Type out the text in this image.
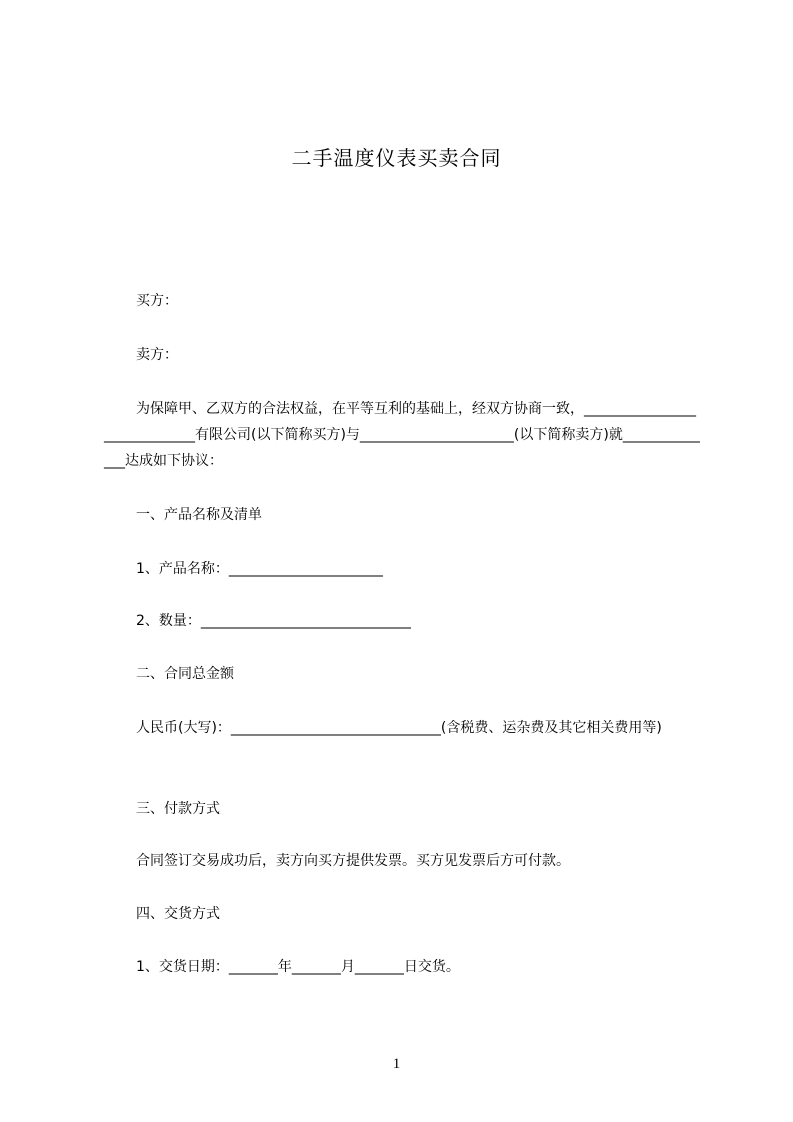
二手温度仪表买卖合同
买方：
卖方：
为保障甲、乙双方的合法权益，在平等互利的基础上，经双方协商一致，_____________________________有限公司(以下简称买方)与______________________(以下简称卖方)就______________达成如下协议：
一、产品名称及清单
1、产品名称：______________________
2、数量：______________________________
二、合同总金额
人民币(大写)：______________________________(含税费、运杂费及其它相关费用等)
三、付款方式
合同签订交易成功后，卖方向买方提供发票。买方见发票后方可付款。
四、交货方式
1、交货日期：_______年_______月_______日交货。
1
